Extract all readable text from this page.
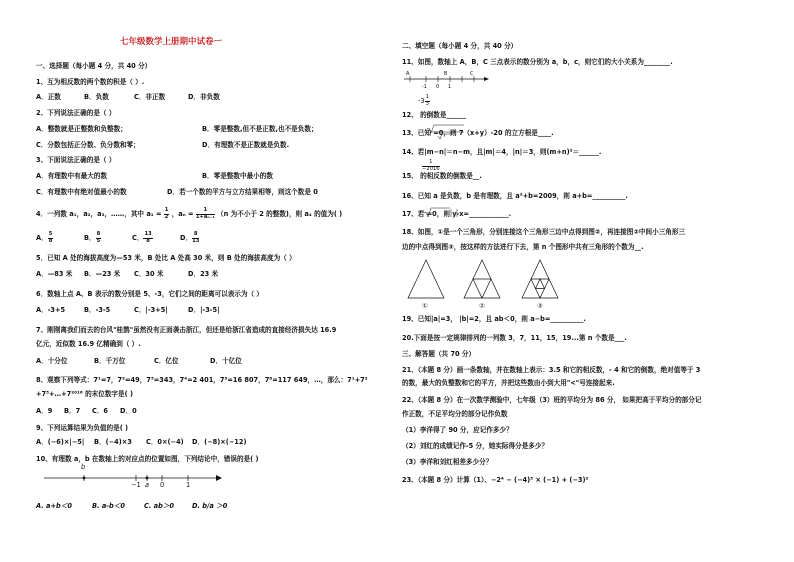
七年级数学上册期中试卷一
一、选择题（每小题 4 分，共 40 分）
1、互为相反数的两个数的积是（ ）.
A．正数	B．负数	C．非正数	D．非负数
2、下列说法正确的是（ ）
A．整数就是正整数和负整数；	B．零是整数,但不是正数,也不是负数；
C．分数包括正分数、负分数和零；	D．有理数不是正数就是负数.
3、下面说法正确的是（ ）
A．有理数中有最大的数	B．零是整数中最小的数
C．有理数中有绝对值最小的数	D．若一个数的平方与立方结果相等，则这个数是 0
4．一列数 a₁，a₂，a₃，……，其中 $a_1 = \frac{1}{2}$ ，$a_n = \frac{1}{\text{1+aₙ₋₁}} (n$ 为不小于 2 的整数)，则 a₄ 的值为( )
A． $\frac{5}{8}$	B． $\frac{8}{5}$	C． $\frac{13}{8}$	D． $\frac{8}{13}$
5．已知 A 处的海拔高度为—53 米，B 处比 A 处高 30 米，则 B 处的海拔高度为（ ）
A．—83 米 B．—23 米 C．30 米	D．23 米
6．数轴上点 A、B 表示的数分别是 5、-3，它们之间的距离可以表示为（ ）
A．-3+5	B．-3-5	C．|-3+5|	D．|-3-5|
7、刚刚离我们而去的台风"桂鹊"虽然没有正面袭击浙江，但还是给浙江省造成的直接经济损失达 16.9
亿元，近似数 16.9 亿精确到（ ）.
A．十分位	B．千万位	C．亿位	D．十亿位
8、观察下列等式：7¹=7，7²=49，7³=343，7⁴=2 401，7⁵=16 807，7⁶=117 649，…，那么：7¹+7²
+7³+…+7²⁰¹⁶ 的末位数字是( )
A．9 B．7 C．6 D．0
9、下列运算结果为负值的是( )
A．(−6)×|−5| B．(−4)×3 C．0×(−4) D．(−8)×(−12)
10、有理数 a，b 在数轴上的对应点的位置如图，下列结论中，错误的是( )
b
−1 a 0	1
A. a+b＜0	B. a-b＜0	C. ab＞0	D. b/a ＞0
二、填空题（每小题 4 分，共 40 分）
11、如图，数轴上 A，B，C 三点表示的数分别为 a，b，c，则它们的大小关系为________.
A	B	C
-1 0 1
12、 的倒数是______
$-3 \frac{1}{3}$
13、已知 =0，则 7（x+y）-20 的立方根是____.
14、若|m−n|＝n−m，且|m|＝4，|n|＝3，则(m+n)²＝______.
15、 的相反数的倒数是__.
$\frac{1}{-2016}$
16、已知 a 是负数，b 是有理数，且 a²+b=2009，则 a+b=__________.
17、若 =0，则 y-x=____________.
18、如图，①是一个三角形，分别连接这个三角形三边中点得到图②，再连接图②中间小三角形三
边的中点得到图③，按这样的方法进行下去，第 n 个图形中共有三角形的个数为__.
①	②	③
19、已知|a|=3， |b|=2，且 ab＜0，则 a−b=__________.
20.下面是按一定规律排列的一列数 3，7，11，15，19...第 n 个数是___.
三、解答题（共 70 分）
21、（本题 8 分）画一条数轴，并在数轴上表示：3.5 和它的相反数，- 4 和它的倒数，绝对值等于 3
的数，最大的负整数和它的平方，并把这些数由小到大用"<"号连接起来.
22、（本题 8 分）在一次数学测验中，七年级（3）班的平均分为 86 分， 如果把高于平均分的部分记
作正数，不足平均分的部分记作负数
（1）李洋得了 90 分，应记作多少？
（2）刘红的成绩记作-5 分，她实际得分是多少？
（3）李洋和刘红相差多少分？
23、（本题 8 分）计算（1）、−2⁴ − (−4)³ × (−1) + (−3)²
